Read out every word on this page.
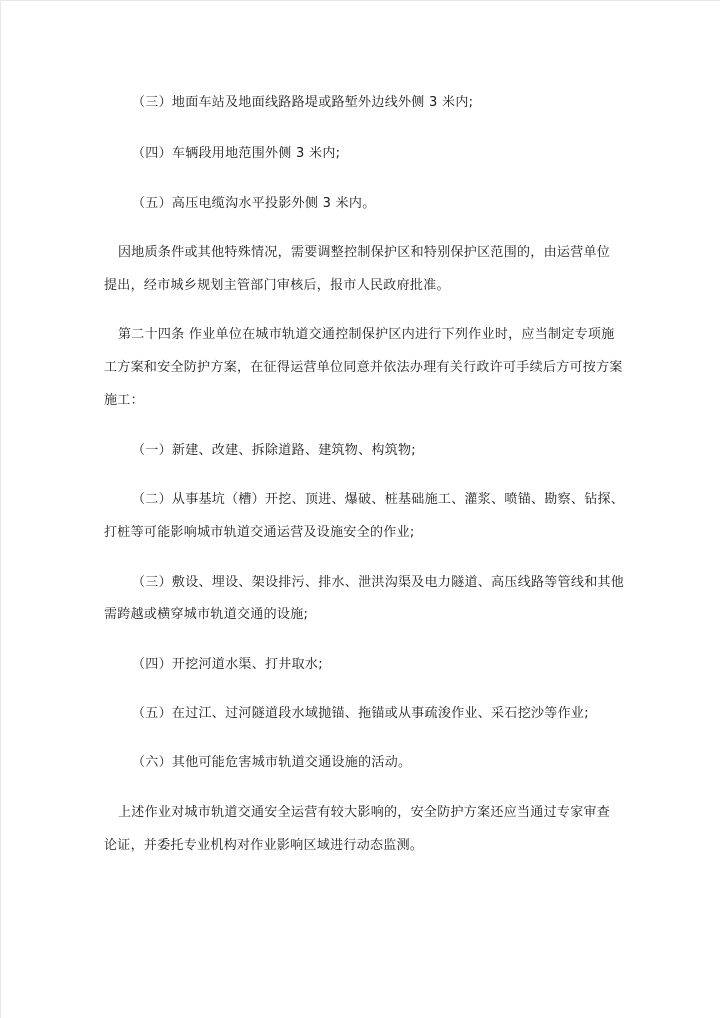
（三）地面车站及地面线路路堤或路堑外边线外侧 3 米内;

（四）车辆段用地范围外侧 3 米内;

（五）高压电缆沟水平投影外侧 3 米内。

因地质条件或其他特殊情况，需要调整控制保护区和特别保护区范围的，由运营单位

提出，经市城乡规划主管部门审核后，报市人民政府批准。

第二十四条 作业单位在城市轨道交通控制保护区内进行下列作业时，应当制定专项施

工方案和安全防护方案，在征得运营单位同意并依法办理有关行政许可手续后方可按方案

施工：

（一）新建、改建、拆除道路、建筑物、构筑物;

（二）从事基坑（槽）开挖、顶进、爆破、桩基础施工、灌浆、喷锚、勘察、钻探、

打桩等可能影响城市轨道交通运营及设施安全的作业;

（三）敷设、埋设、架设排污、排水、泄洪沟渠及电力隧道、高压线路等管线和其他

需跨越或横穿城市轨道交通的设施;

（四）开挖河道水渠、打井取水;

（五）在过江、过河隧道段水域抛锚、拖锚或从事疏浚作业、采石挖沙等作业;

（六）其他可能危害城市轨道交通设施的活动。

上述作业对城市轨道交通安全运营有较大影响的，安全防护方案还应当通过专家审查

论证，并委托专业机构对作业影响区域进行动态监测。
